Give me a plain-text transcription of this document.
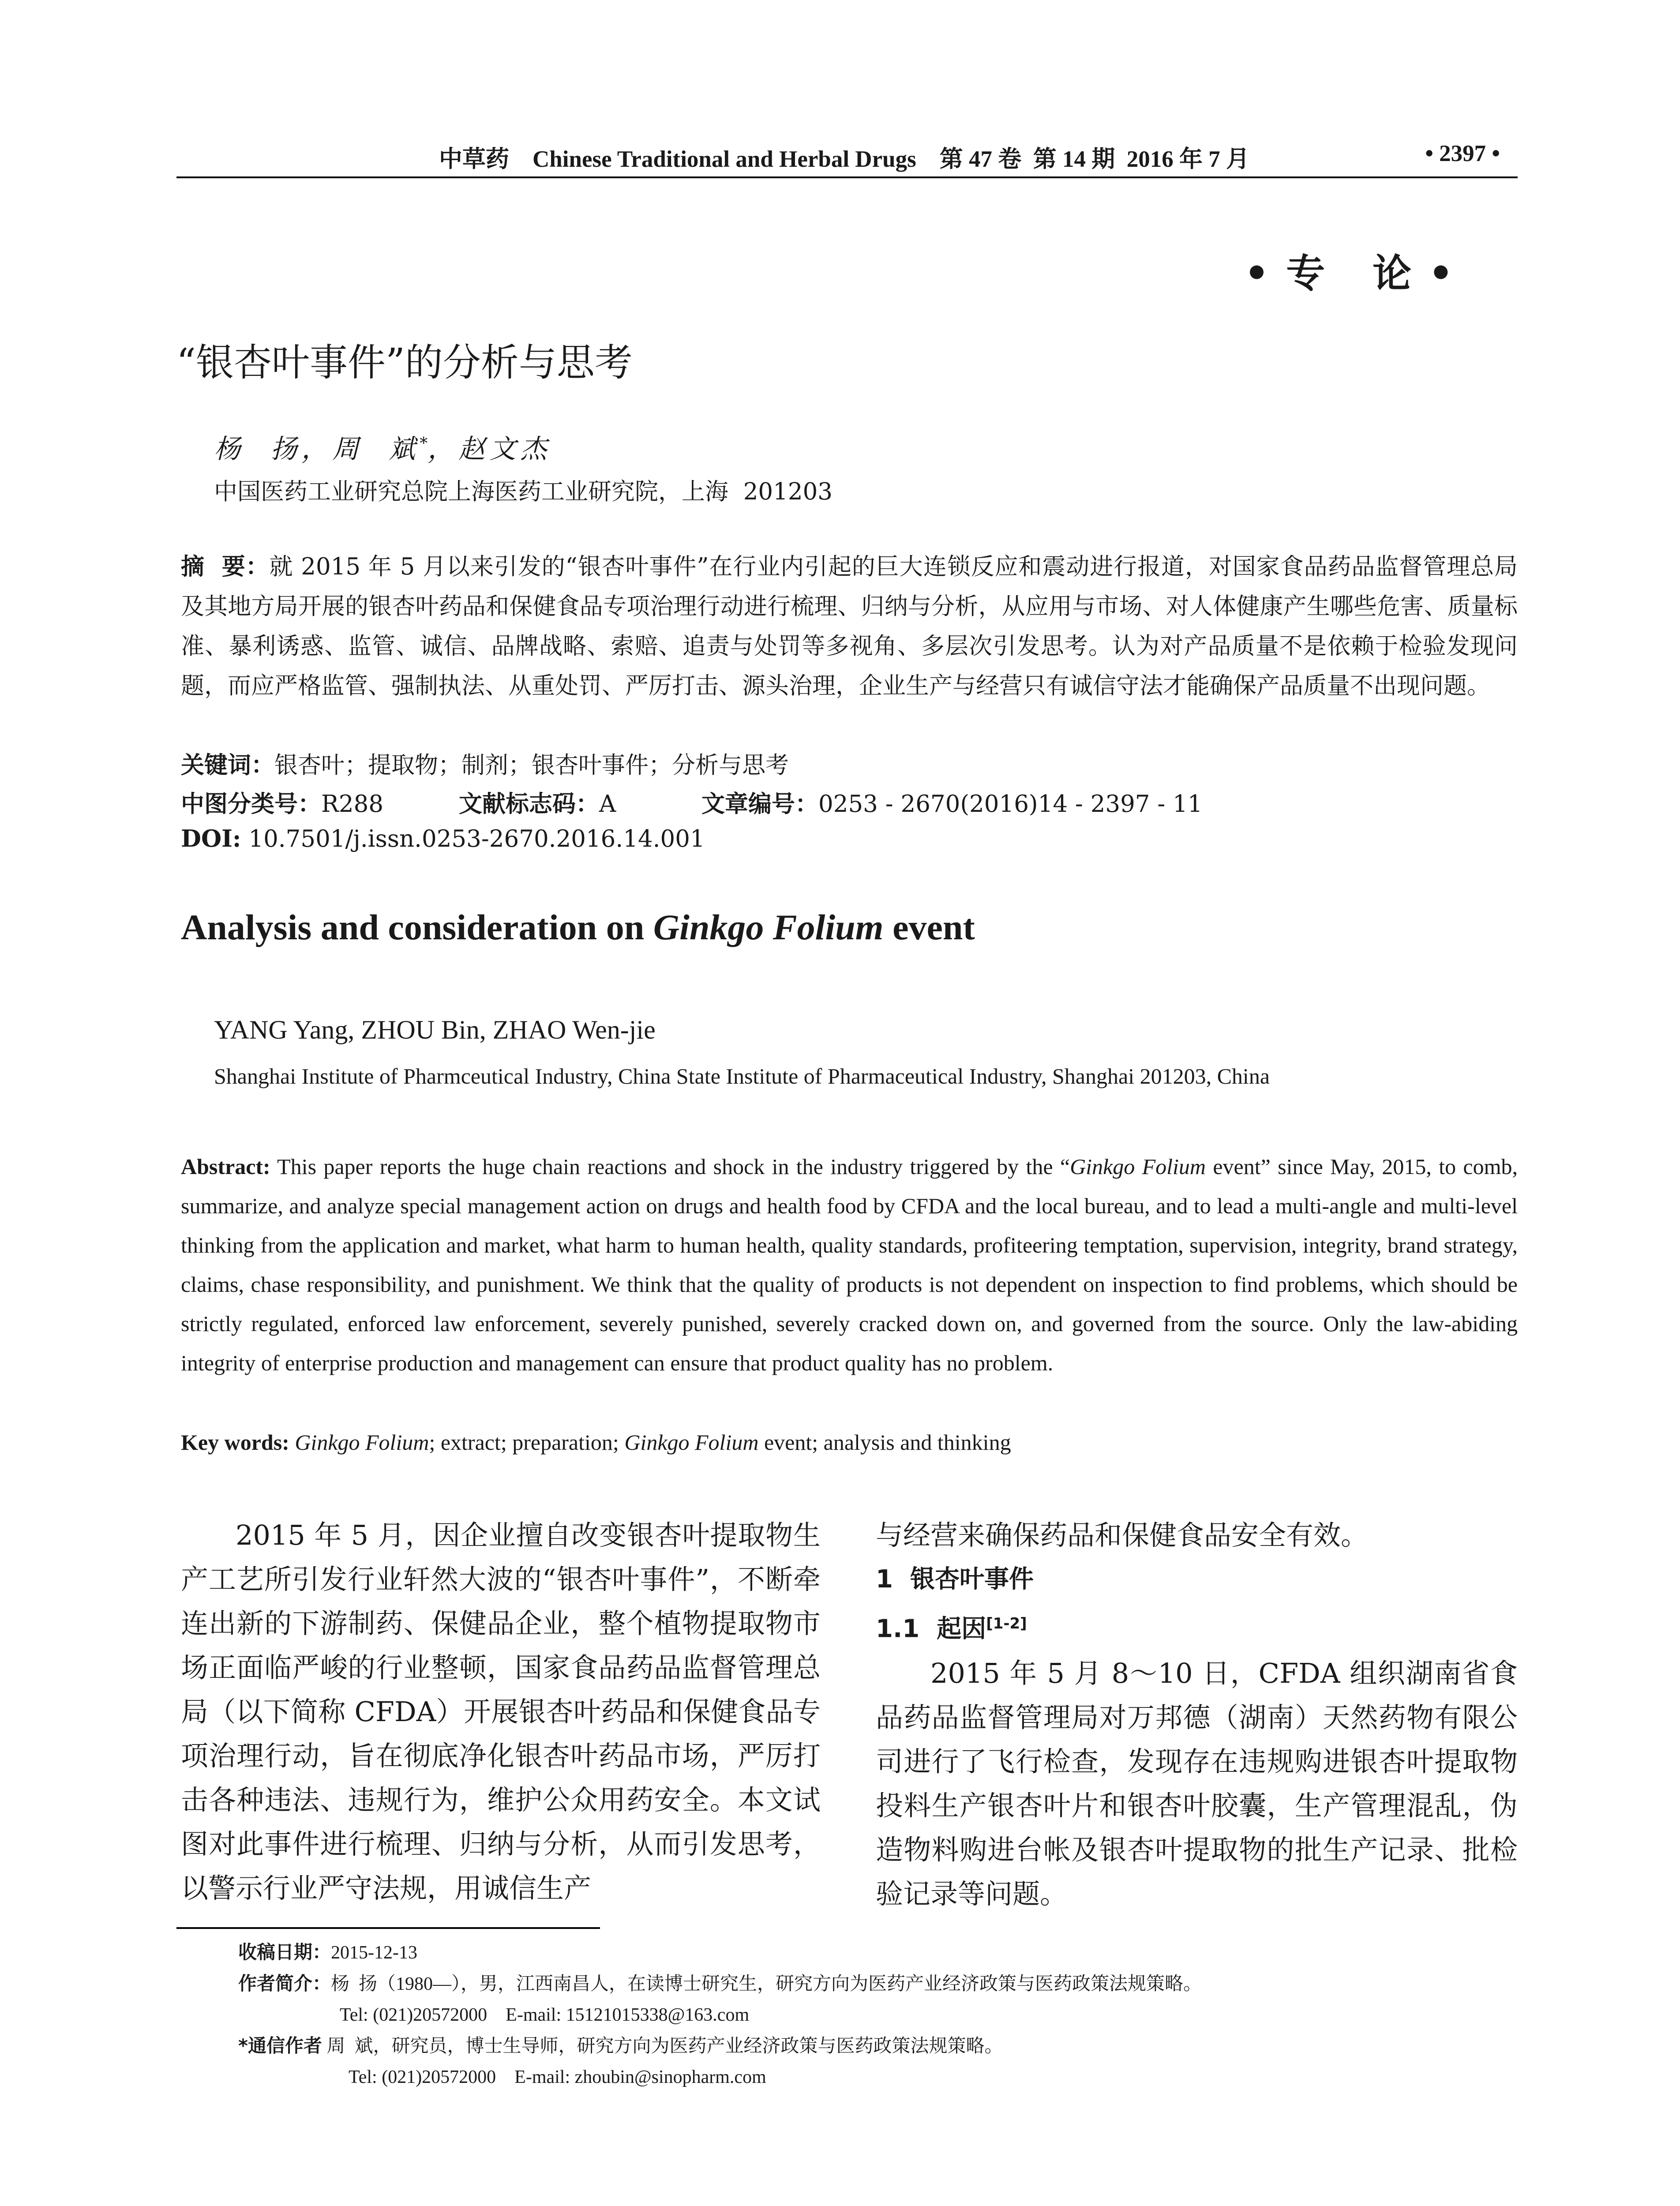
中草药    Chinese Traditional and Herbal Drugs    第 47 卷  第 14 期  2016 年 7 月	• 2397 •
• 专   论 •
“银杏叶事件”的分析与思考
杨  扬，周  斌*，赵文杰
中国医药工业研究总院上海医药工业研究院，上海  201203
摘  要：就 2015 年 5 月以来引发的“银杏叶事件”在行业内引起的巨大连锁反应和震动进行报道，对国家食品药品监督管理总局及其地方局开展的银杏叶药品和保健食品专项治理行动进行梳理、归纳与分析，从应用与市场、对人体健康产生哪些危害、质量标准、暴利诱惑、监管、诚信、品牌战略、索赔、追责与处罚等多视角、多层次引发思考。认为对产品质量不是依赖于检验发现问题，而应严格监管、强制执法、从重处罚、严厉打击、源头治理，企业生产与经营只有诚信守法才能确保产品质量不出现问题。
关键词：银杏叶；提取物；制剂；银杏叶事件；分析与思考
中图分类号：R288	文献标志码：A	文章编号：0253 - 2670(2016)14 - 2397 - 11
DOI: 10.7501/j.issn.0253-2670.2016.14.001
Analysis and consideration on Ginkgo Folium event
YANG Yang, ZHOU Bin, ZHAO Wen-jie
Shanghai Institute of Pharmceutical Industry, China State Institute of Pharmaceutical Industry, Shanghai 201203, China
Abstract: This paper reports the huge chain reactions and shock in the industry triggered by the “Ginkgo Folium event” since May, 2015, to comb, summarize, and analyze special management action on drugs and health food by CFDA and the local bureau, and to lead a multi-angle and multi-level thinking from the application and market, what harm to human health, quality standards, profiteering temptation, supervision, integrity, brand strategy, claims, chase responsibility, and punishment. We think that the quality of products is not dependent on inspection to find problems, which should be strictly regulated, enforced law enforcement, severely punished, severely cracked down on, and governed from the source. Only the law-abiding integrity of enterprise production and management can ensure that product quality has no problem.
Key words: Ginkgo Folium; extract; preparation; Ginkgo Folium event; analysis and thinking

2015 年 5 月，因企业擅自改变银杏叶提取物生产工艺所引发行业轩然大波的“银杏叶事件”，不断牵连出新的下游制药、保健品企业，整个植物提取物市场正面临严峻的行业整顿，国家食品药品监督管理总局（以下简称 CFDA）开展银杏叶药品和保健食品专项治理行动，旨在彻底净化银杏叶药品市场，严厉打击各种违法、违规行为，维护公众用药安全。本文试图对此事件进行梳理、归纳与分析，从而引发思考，以警示行业严守法规，用诚信生产

与经营来确保药品和保健食品安全有效。

1  银杏叶事件
1.1  起因[1-2]

2015 年 5 月 8～10 日，CFDA 组织湖南省食品药品监督管理局对万邦德（湖南）天然药物有限公司进行了飞行检查，发现存在违规购进银杏叶提取物投料生产银杏叶片和银杏叶胶囊，生产管理混乱，伪造物料购进台帐及银杏叶提取物的批生产记录、批检验记录等问题。

收稿日期：2015-12-13
作者简介：杨  扬（1980—），男，江西南昌人，在读博士研究生，研究方向为医药产业经济政策与医药政策法规策略。
Tel: (021)20572000    E-mail: 15121015338@163.com
*通信作者 周  斌，研究员，博士生导师，研究方向为医药产业经济政策与医药政策法规策略。
Tel: (021)20572000    E-mail: zhoubin@sinopharm.com
